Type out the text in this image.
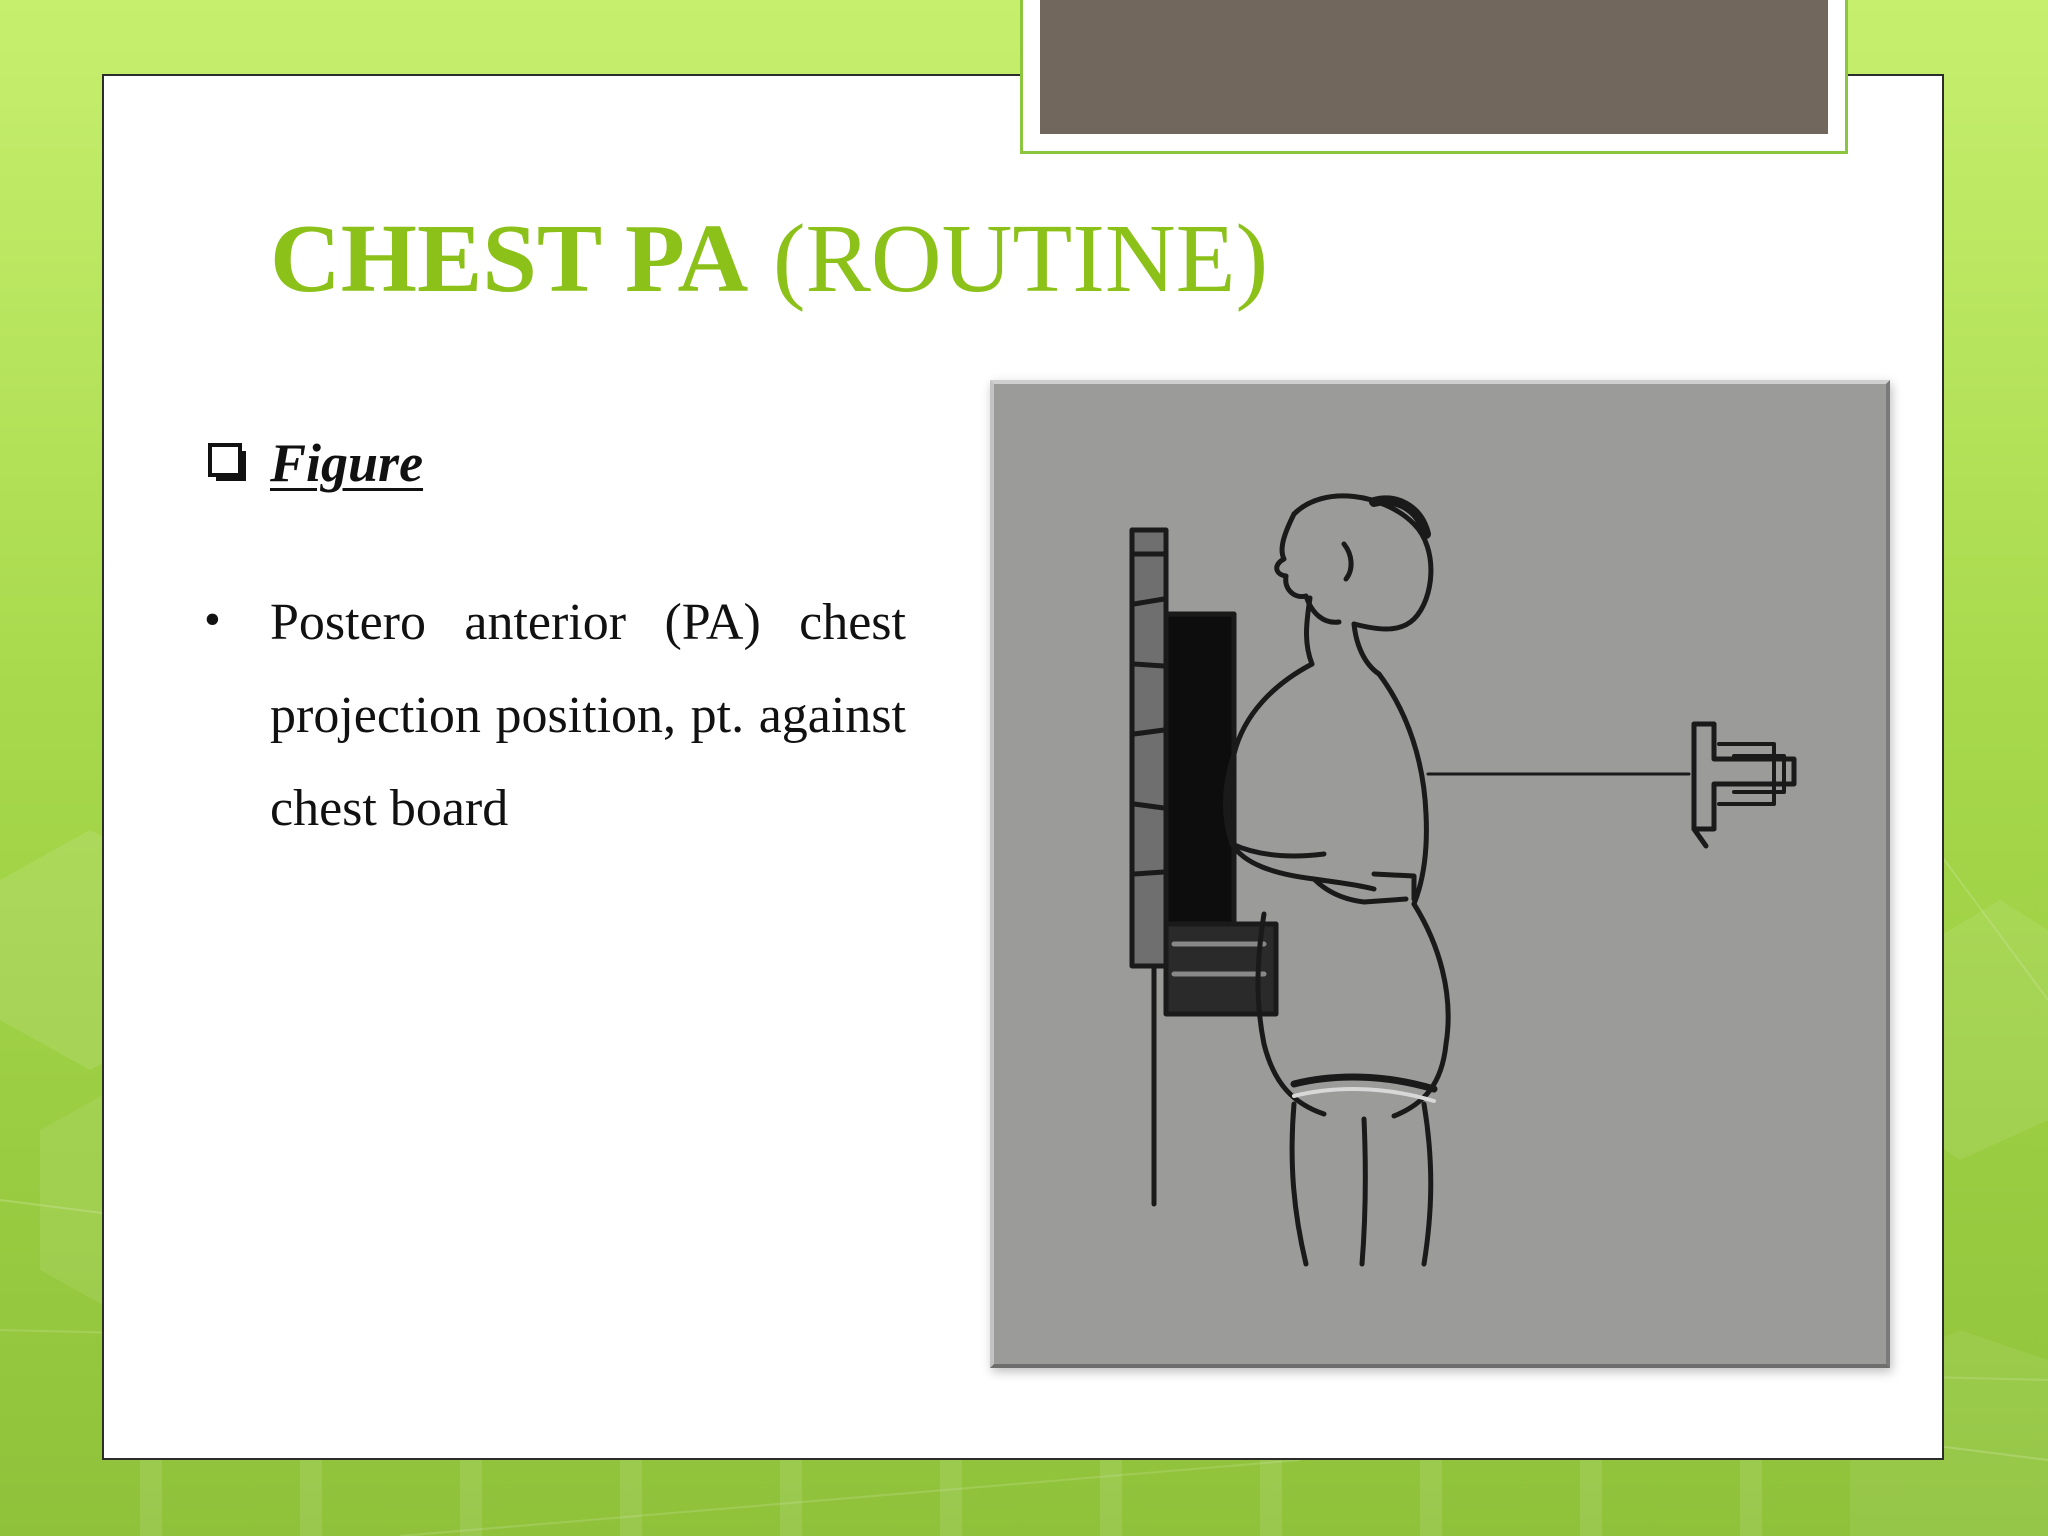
CHEST PA (ROUTINE)
Figure
• Postero anterior (PA) chest projection position, pt. against chest board
